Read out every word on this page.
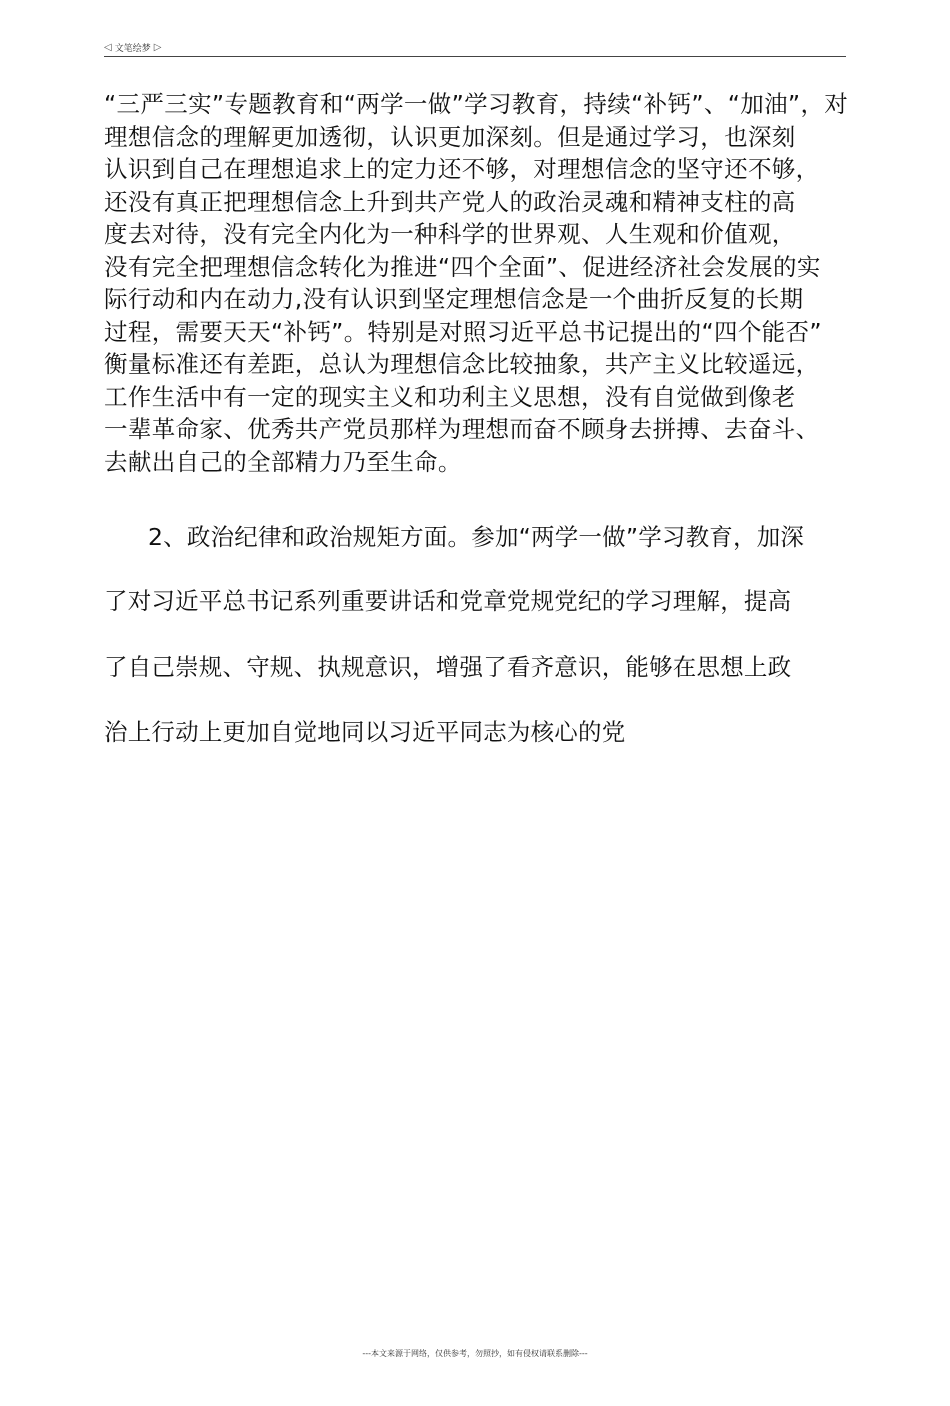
◁ 文笔绘梦 ▷
“三严三实”专题教育和“两学一做”学习教育，持续“补钙”、“加油”，对
理想信念的理解更加透彻，认识更加深刻。但是通过学习，也深刻
认识到自己在理想追求上的定力还不够，对理想信念的坚守还不够，
还没有真正把理想信念上升到共产党人的政治灵魂和精神支柱的高
度去对待，没有完全内化为一种科学的世界观、人生观和价值观，
没有完全把理想信念转化为推进“四个全面”、促进经济社会发展的实
际行动和内在动力,没有认识到坚定理想信念是一个曲折反复的长期
过程，需要天天“补钙”。特别是对照习近平总书记提出的“四个能否”
衡量标准还有差距，总认为理想信念比较抽象，共产主义比较遥远，
工作生活中有一定的现实主义和功利主义思想，没有自觉做到像老
一辈革命家、优秀共产党员那样为理想而奋不顾身去拼搏、去奋斗、
去献出自己的全部精力乃至生命。

2、政治纪律和政治规矩方面。参加“两学一做”学习教育，加深

了对习近平总书记系列重要讲话和党章党规党纪的学习理解，提高

了自己崇规、守规、执规意识，增强了看齐意识，能够在思想上政

治上行动上更加自觉地同以习近平同志为核心的党

---本文来源于网络，仅供参考，勿照抄，如有侵权请联系删除---
